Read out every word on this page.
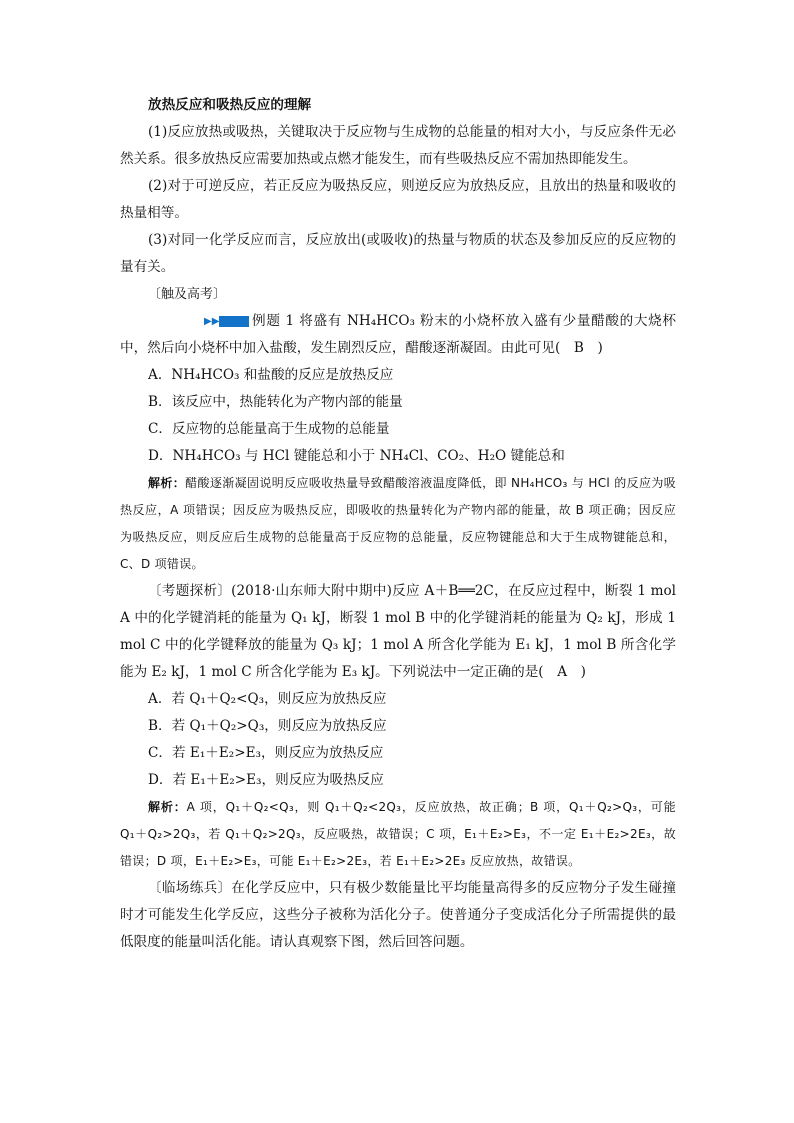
放热反应和吸热反应的理解

(1)反应放热或吸热，关键取决于反应物与生成物的总能量的相对大小，与反应条件无必然关系。很多放热反应需要加热或点燃才能发生，而有些吸热反应不需加热即能发生。

(2)对于可逆反应，若正反应为吸热反应，则逆反应为放热反应，且放出的热量和吸收的热量相等。

(3)对同一化学反应而言，反应放出(或吸收)的热量与物质的状态及参加反应的反应物的量有关。

〔触及高考〕

▶▶ 例题 1 将盛有 NH₄HCO₃ 粉末的小烧杯放入盛有少量醋酸的大烧杯中，然后向小烧杯中加入盐酸，发生剧烈反应，醋酸逐渐凝固。由此可见(　B　)

A．NH₄HCO₃ 和盐酸的反应是放热反应

B．该反应中，热能转化为产物内部的能量

C．反应物的总能量高于生成物的总能量

D．NH₄HCO₃ 与 HCl 键能总和小于 NH₄Cl、CO₂、H₂O 键能总和

解析：醋酸逐渐凝固说明反应吸收热量导致醋酸溶液温度降低，即 NH₄HCO₃ 与 HCl 的反应为吸热反应，A 项错误；因反应为吸热反应，即吸收的热量转化为产物内部的能量，故 B 项正确；因反应为吸热反应，则反应后生成物的总能量高于反应物的总能量，反应物键能总和大于生成物键能总和，C、D 项错误。

〔考题探析〕(2018·山东师大附中期中)反应 A＋B══2C，在反应过程中，断裂 1 mol A 中的化学键消耗的能量为 Q₁ kJ，断裂 1 mol B 中的化学键消耗的能量为 Q₂ kJ，形成 1 mol C 中的化学键释放的能量为 Q₃ kJ；1 mol A 所含化学能为 E₁ kJ，1 mol B 所含化学能为 E₂ kJ，1 mol C 所含化学能为 E₃ kJ。下列说法中一定正确的是(　A　)

A．若 Q₁＋Q₂<Q₃，则反应为放热反应

B．若 Q₁＋Q₂>Q₃，则反应为放热反应

C．若 E₁＋E₂>E₃，则反应为放热反应

D．若 E₁＋E₂>E₃，则反应为吸热反应

解析：A 项，Q₁＋Q₂<Q₃，则 Q₁＋Q₂<2Q₃，反应放热，故正确；B 项，Q₁＋Q₂>Q₃，可能 Q₁＋Q₂>2Q₃，若 Q₁＋Q₂>2Q₃，反应吸热，故错误；C 项，E₁＋E₂>E₃，不一定 E₁＋E₂>2E₃，故错误；D 项，E₁＋E₂>E₃，可能 E₁＋E₂>2E₃，若 E₁＋E₂>2E₃ 反应放热，故错误。

〔临场练兵〕在化学反应中，只有极少数能量比平均能量高得多的反应物分子发生碰撞时才可能发生化学反应，这些分子被称为活化分子。使普通分子变成活化分子所需提供的最低限度的能量叫活化能。请认真观察下图，然后回答问题。
